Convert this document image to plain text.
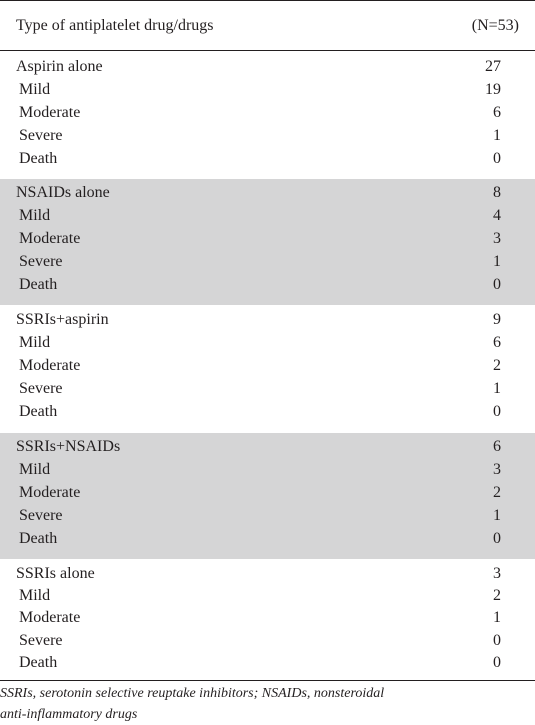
Type of antiplatelet drug/drugs	(N=53)
Aspirin alone	27
Mild	19
Moderate	6
Severe	1
Death	0
NSAIDs alone	8
Mild	4
Moderate	3
Severe	1
Death	0
SSRIs+aspirin	9
Mild	6
Moderate	2
Severe	1
Death	0
SSRIs+NSAIDs	6
Mild	3
Moderate	2
Severe	1
Death	0
SSRIs alone	3
Mild	2
Moderate	1
Severe	0
Death	0
SSRIs, serotonin selective reuptake inhibitors; NSAIDs, nonsteroidal
anti-inflammatory drugs
